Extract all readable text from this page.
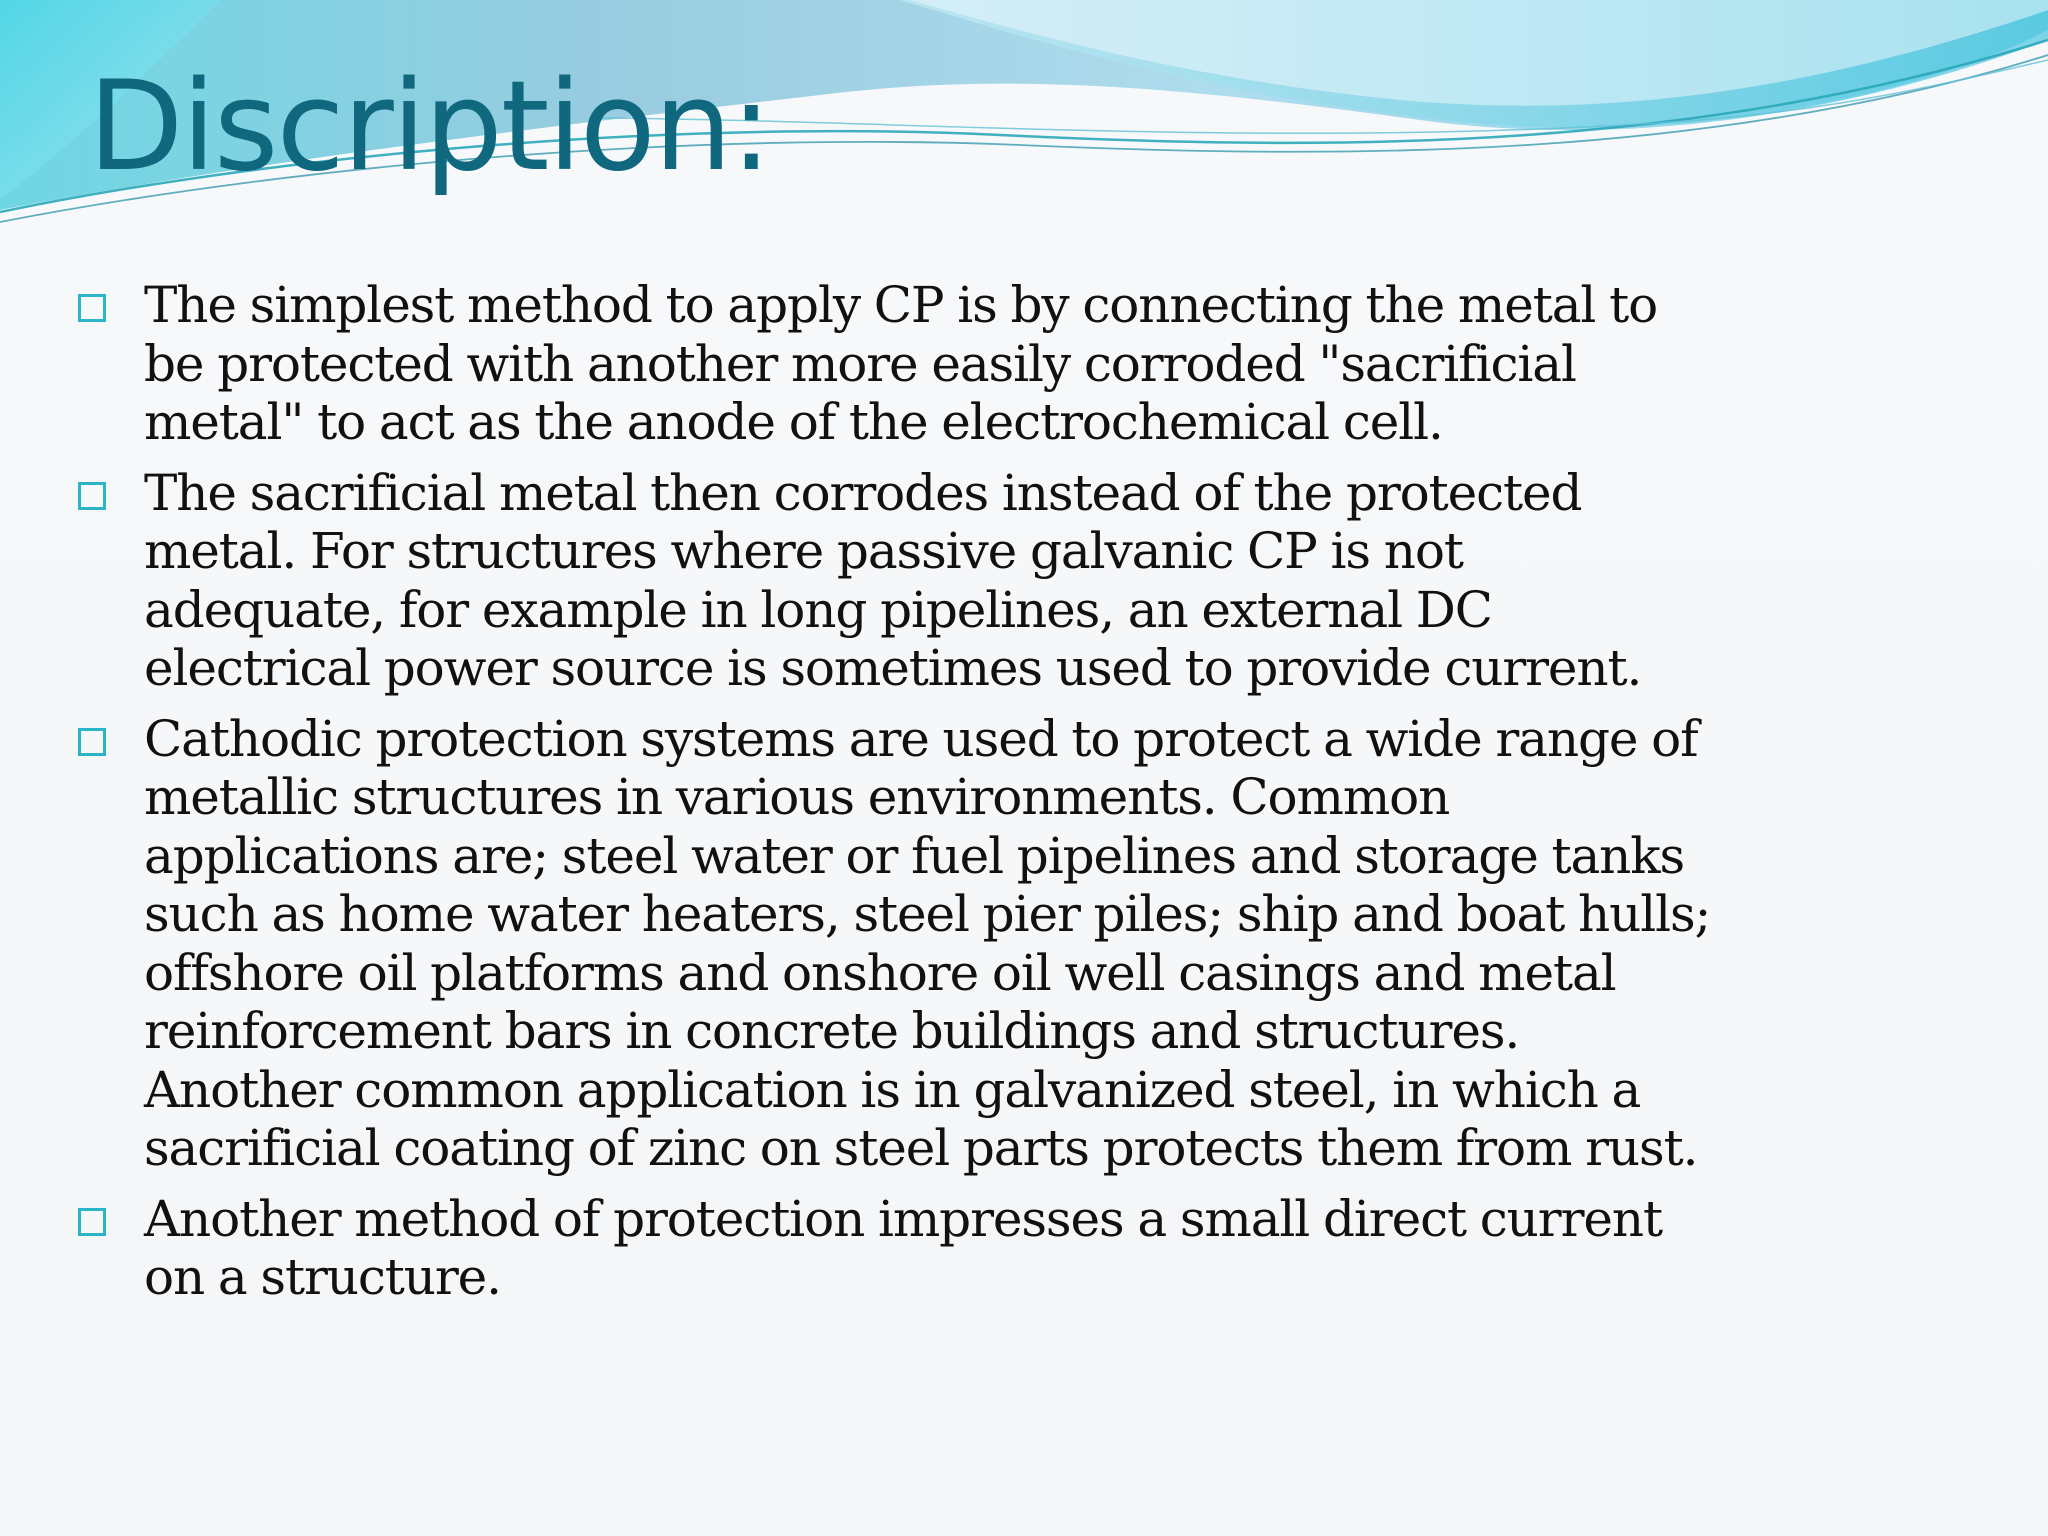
Discription:
The simplest method to apply CP is by connecting the metal to be protected with another more easily corroded "sacrificial metal" to act as the anode of the electrochemical cell.
The sacrificial metal then corrodes instead of the protected metal. For structures where passive galvanic CP is not adequate, for example in long pipelines, an external DC electrical power source is sometimes used to provide current.
Cathodic protection systems are used to protect a wide range of metallic structures in various environments. Common applications are; steel water or fuel pipelines and storage tanks such as home water heaters, steel pier piles; ship and boat hulls; offshore oil platforms and onshore oil well casings and metal reinforcement bars in concrete buildings and structures. Another common application is in galvanized steel, in which a sacrificial coating of zinc on steel parts protects them from rust.
Another method of protection impresses a small direct current on a structure.
